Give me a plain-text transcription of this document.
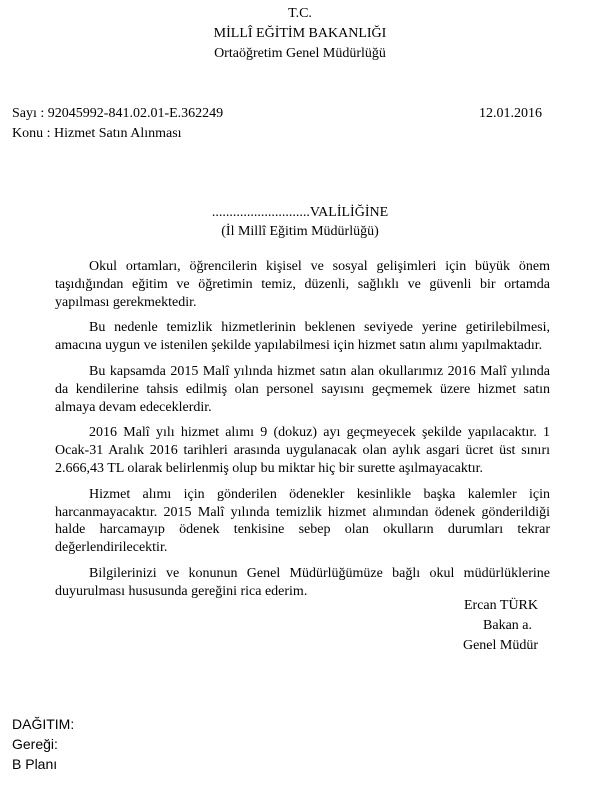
T.C.
MİLLÎ EĞİTİM BAKANLIĞI
Ortaöğretim Genel Müdürlüğü
Sayı : 92045992-841.02.01-E.362249	12.01.2016
Konu : Hizmet Satın Alınması
............................VALİLİĞİNE
(İl Millî Eğitim Müdürlüğü)

Okul ortamları, öğrencilerin kişisel ve sosyal gelişimleri için büyük önem taşıdığından eğitim ve öğretimin temiz, düzenli, sağlıklı ve güvenli bir ortamda yapılması gerekmektedir.

Bu nedenle temizlik hizmetlerinin beklenen seviyede yerine getirilebilmesi, amacına uygun ve istenilen şekilde yapılabilmesi için hizmet satın alımı yapılmaktadır.

Bu kapsamda 2015 Malî yılında hizmet satın alan okullarımız 2016 Malî yılında da kendilerine tahsis edilmiş olan personel sayısını geçmemek üzere hizmet satın almaya devam edeceklerdir.

2016 Malî yılı hizmet alımı 9 (dokuz) ayı geçmeyecek şekilde yapılacaktır. 1 Ocak-31 Aralık 2016 tarihleri arasında uygulanacak olan aylık asgari ücret üst sınırı 2.666,43 TL olarak belirlenmiş olup bu miktar hiç bir surette aşılmayacaktır.

Hizmet alımı için gönderilen ödenekler kesinlikle başka kalemler için harcanmayacaktır. 2015 Malî yılında temizlik hizmet alımından ödenek gönderildiği halde harcamayıp ödenek tenkisine sebep olan okulların durumları tekrar değerlendirilecektir.

Bilgilerinizi ve konunun Genel Müdürlüğümüze bağlı okul müdürlüklerine duyurulması hususunda gereğini rica ederim.

Ercan TÜRK
Bakan a.
Genel Müdür
DAĞITIM:
Gereği:
B Planı
